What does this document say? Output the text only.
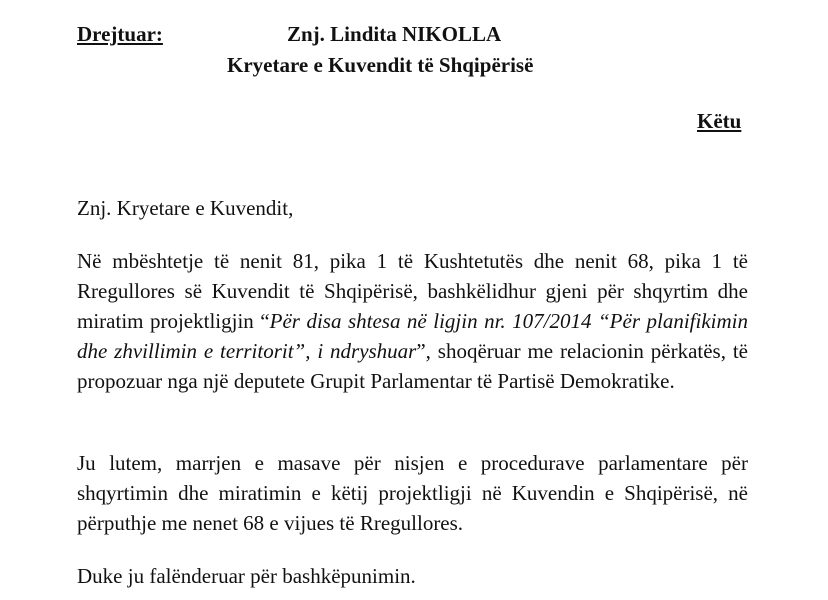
Drejtuar:	Znj. Lindita NIKOLLA
Kryetare e Kuvendit të Shqipërisë
Këtu

Znj. Kryetare e Kuvendit,

Në mbështetje të nenit 81, pika 1 të Kushtetutës dhe nenit 68, pika 1 të Rregullores së Kuvendit të Shqipërisë, bashkëlidhur gjeni për shqyrtim dhe miratim projektligjin “Për disa shtesa në ligjin nr. 107/2014 “Për planifikimin dhe zhvillimin e territorit”, i ndryshuar”, shoqëruar me relacionin përkatës, të propozuar nga një deputete Grupit Parlamentar të Partisë Demokratike.

Ju lutem, marrjen e masave për nisjen e procedurave parlamentare për shqyrtimin dhe miratimin e këtij projektligji në Kuvendin e Shqipërisë, në përputhje me nenet 68 e vijues të Rregullores.

Duke ju falënderuar për bashkëpunimin.
